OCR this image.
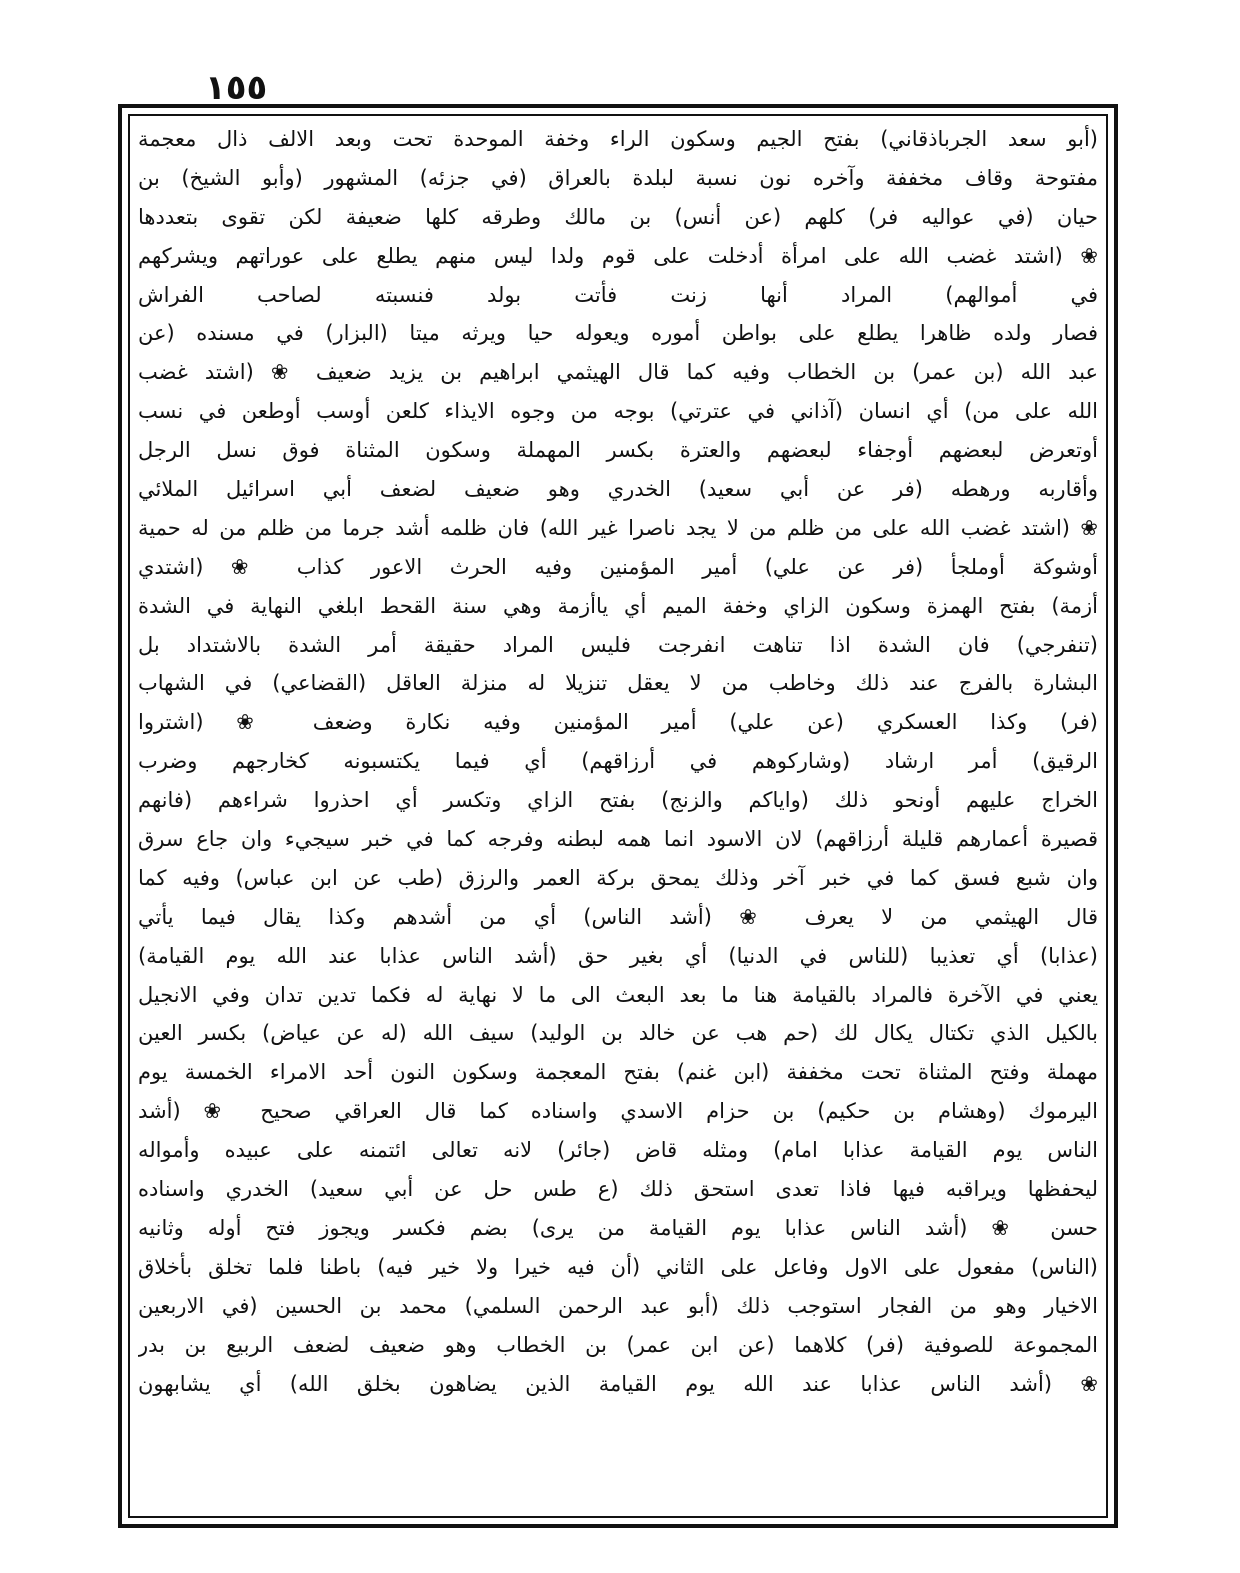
١٥٥
(أبو سعد الجرباذقاني) بفتح الجيم وسكون الراء وخفة الموحدة تحت وبعد الالف ذال معجمة
مفتوحة وقاف مخففة وآخره نون نسبة لبلدة بالعراق (في جزئه) المشهور (وأبو الشيخ) بن
حيان (في عواليه فر) كلهم (عن أنس) بن مالك وطرقه كلها ضعيفة لكن تقوى بتعددها
❀ (اشتد غضب الله على امرأة أدخلت على قوم ولدا ليس منهم يطلع على عوراتهم ويشركهم
في أموالهم) المراد أنها زنت فأتت بولد فنسبته لصاحب الفراش
فصار ولده ظاهرا يطلع على بواطن أموره ويعوله حيا ويرثه ميتا (البزار) في مسنده (عن
عبد الله (بن عمر) بن الخطاب وفيه كما قال الهيثمي ابراهيم بن يزيد ضعيف ❀ (اشتد غضب
الله على من) أي انسان (آذاني في عترتي) بوجه من وجوه الايذاء كلعن أوسب أوطعن في نسب
أوتعرض لبعضهم أوجفاء لبعضهم والعترة بكسر المهملة وسكون المثناة فوق نسل الرجل
وأقاربه ورهطه (فر عن أبي سعيد) الخدري وهو ضعيف لضعف أبي اسرائيل الملائي
❀ (اشتد غضب الله على من ظلم من لا يجد ناصرا غير الله) فان ظلمه أشد جرما من ظلم من له حمية
أوشوكة أوملجأ (فر عن علي) أمير المؤمنين وفيه الحرث الاعور كذاب ❀ (اشتدي
أزمة) بفتح الهمزة وسكون الزاي وخفة الميم أي ياأزمة وهي سنة القحط ابلغي النهاية في الشدة
(تنفرجي) فان الشدة اذا تناهت انفرجت فليس المراد حقيقة أمر الشدة بالاشتداد بل
البشارة بالفرج عند ذلك وخاطب من لا يعقل تنزيلا له منزلة العاقل (القضاعي) في الشهاب
(فر) وكذا العسكري (عن علي) أمير المؤمنين وفيه نكارة وضعف ❀ (اشتروا
الرقيق) أمر ارشاد (وشاركوهم في أرزاقهم) أي فيما يكتسبونه كخارجهم وضرب
الخراج عليهم أونحو ذلك (واياكم والزنج) بفتح الزاي وتكسر أي احذروا شراءهم (فانهم
قصيرة أعمارهم قليلة أرزاقهم) لان الاسود انما همه لبطنه وفرجه كما في خبر سيجيء وان جاع سرق
وان شبع فسق كما في خبر آخر وذلك يمحق بركة العمر والرزق (طب عن ابن عباس) وفيه كما
قال الهيثمي من لا يعرف ❀ (أشد الناس) أي من أشدهم وكذا يقال فيما يأتي
(عذابا) أي تعذيبا (للناس في الدنيا) أي بغير حق (أشد الناس عذابا عند الله يوم القيامة)
يعني في الآخرة فالمراد بالقيامة هنا ما بعد البعث الى ما لا نهاية له فكما تدين تدان وفي الانجيل
بالكيل الذي تكتال يكال لك (حم هب عن خالد بن الوليد) سيف الله (له عن عياض) بكسر العين
مهملة وفتح المثناة تحت مخففة (ابن غنم) بفتح المعجمة وسكون النون أحد الامراء الخمسة يوم
اليرموك (وهشام بن حكيم) بن حزام الاسدي واسناده كما قال العراقي صحيح ❀ (أشد
الناس يوم القيامة عذابا امام) ومثله قاض (جائر) لانه تعالى ائتمنه على عبيده وأمواله
ليحفظها ويراقبه فيها فاذا تعدى استحق ذلك (ع طس حل عن أبي سعيد) الخدري واسناده
حسن ❀ (أشد الناس عذابا يوم القيامة من يرى) بضم فكسر ويجوز فتح أوله وثانيه
(الناس) مفعول على الاول وفاعل على الثاني (أن فيه خيرا ولا خير فيه) باطنا فلما تخلق بأخلاق
الاخيار وهو من الفجار استوجب ذلك (أبو عبد الرحمن السلمي) محمد بن الحسين (في الاربعين
المجموعة للصوفية (فر) كلاهما (عن ابن عمر) بن الخطاب وهو ضعيف لضعف الربيع بن بدر
❀ (أشد الناس عذابا عند الله يوم القيامة الذين يضاهون بخلق الله) أي يشابهون
